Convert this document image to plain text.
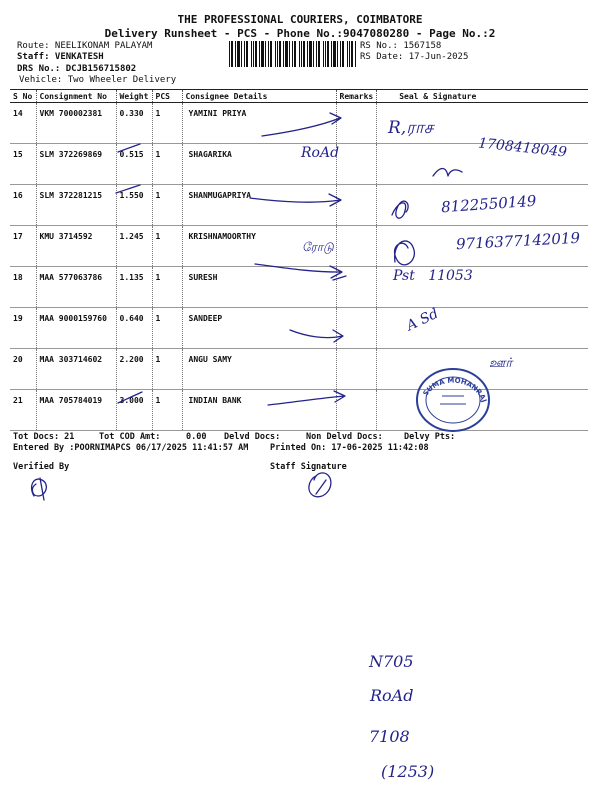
THE PROFESSIONAL COURIERS, COIMBATORE
Delivery Runsheet - PCS - Phone No.:9047080280 - Page No.:2
Route: NEELIKONAM PALAYAM
Staff: VENKATESH
DRS No.: DCJB156715802
Vehicle: Two Wheeler Delivery
RS No.: 1567158
RS Date: 17-Jun-2025
S No	Consignment No	Weight	PCS	Consignee Details	Remarks	Seal & Signature
14	VKM 700002381	0.330	1	YAMINI PRIYA		
15	SLM 372269869	0.515	1	SHAGARIKA		
16	SLM 372281215	1.550	1	SHANMUGAPRIYA		
17	KMU 3714592	1.245	1	KRISHNAMOORTHY		
18	MAA 577063786	1.135	1	SURESH		
19	MAA 9000159760	0.640	1	SANDEEP		
20	MAA 303714602	2.200	1	ANGU SAMY		
21	MAA 705784019	3.000	1	INDIAN BANK		
Tot Docs: 21	Tot COD Amt:     0.00 Delvd Docs:	Non Delvd Docs: Delvy Pts:
Entered By :POORNIMAPCS 06/17/2025 11:41:57 AM	Printed On: 17-06-2025 11:42:08
Verified By	Staff Signature
R,ராச
RoAd	1708418049
8122550149
ரோடு	9716377142019
Pst   11053
A Sd
ஊர்
N705
RoAd
7108
(1253)
SUMA MOHANRAJ
